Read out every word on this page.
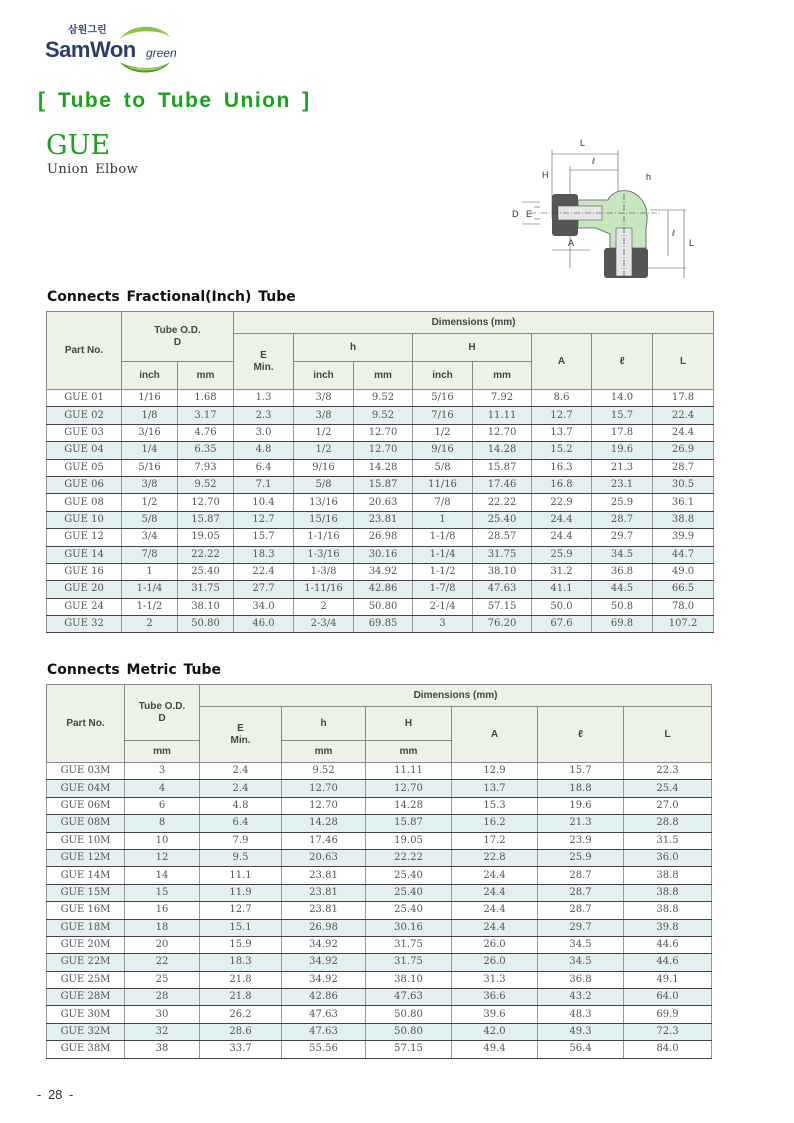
삼원그린
SamWon green
[ Tube to Tube Union ]
GUE
Union Elbow
L
ℓ
H	h
D E
A
ℓ
L
Connects Fractional(Inch) Tube
Part No.	Tube O.D.
D		Dimensions (mm)							
			E
Min.	h		H		A	ℓ	L
	inch	mm		inch	mm	inch	mm			
GUE 01	1/16	1.68	1.3	3/8	9.52	5/16	7.92	8.6	14.0	17.8
GUE 02	1/8	3.17	2.3	3/8	9.52	7/16	11.11	12.7	15.7	22.4
GUE 03	3/16	4.76	3.0	1/2	12.70	1/2	12.70	13.7	17.8	24.4
GUE 04	1/4	6.35	4.8	1/2	12.70	9/16	14.28	15.2	19.6	26.9
GUE 05	5/16	7.93	6.4	9/16	14.28	5/8	15.87	16.3	21.3	28.7
GUE 06	3/8	9.52	7.1	5/8	15.87	11/16	17.46	16.8	23.1	30.5
GUE 08	1/2	12.70	10.4	13/16	20.63	7/8	22.22	22.9	25.9	36.1
GUE 10	5/8	15.87	12.7	15/16	23.81	1	25.40	24.4	28.7	38.8
GUE 12	3/4	19.05	15.7	1-1/16	26.98	1-1/8	28.57	24.4	29.7	39.9
GUE 14	7/8	22.22	18.3	1-3/16	30.16	1-1/4	31.75	25.9	34.5	44.7
GUE 16	1	25.40	22.4	1-3/8	34.92	1-1/2	38.10	31.2	36.8	49.0
GUE 20	1-1/4	31.75	27.7	1-11/16	42.86	1-7/8	47.63	41.1	44.5	66.5
GUE 24	1-1/2	38.10	34.0	2	50.80	2-1/4	57.15	50.0	50.8	78.0
GUE 32	2	50.80	46.0	2-3/4	69.85	3	76.20	67.6	69.8	107.2
Connects Metric Tube
Part No.	Tube O.D.
D	Dimensions (mm)					
		E
Min.	h	H	A	ℓ	L
	mm		mm	mm			
GUE 03M	3	2.4	9.52	11.11	12.9	15.7	22.3
GUE 04M	4	2.4	12.70	12.70	13.7	18.8	25.4
GUE 06M	6	4.8	12.70	14.28	15.3	19.6	27.0
GUE 08M	8	6.4	14.28	15.87	16.2	21.3	28.8
GUE 10M	10	7.9	17.46	19.05	17.2	23.9	31.5
GUE 12M	12	9.5	20.63	22.22	22.8	25.9	36.0
GUE 14M	14	11.1	23.81	25.40	24.4	28.7	38.8
GUE 15M	15	11.9	23.81	25.40	24.4	28.7	38.8
GUE 16M	16	12.7	23.81	25.40	24.4	28.7	38.8
GUE 18M	18	15.1	26.98	30.16	24.4	29.7	39.8
GUE 20M	20	15.9	34.92	31.75	26.0	34.5	44.6
GUE 22M	22	18.3	34.92	31.75	26.0	34.5	44.6
GUE 25M	25	21.8	34.92	38.10	31.3	36.8	49.1
GUE 28M	28	21.8	42.86	47.63	36.6	43.2	64.0
GUE 30M	30	26.2	47.63	50.80	39.6	48.3	69.9
GUE 32M	32	28.6	47.63	50.80	42.0	49.3	72.3
GUE 38M	38	33.7	55.56	57.15	49.4	56.4	84.0
- 28 -
